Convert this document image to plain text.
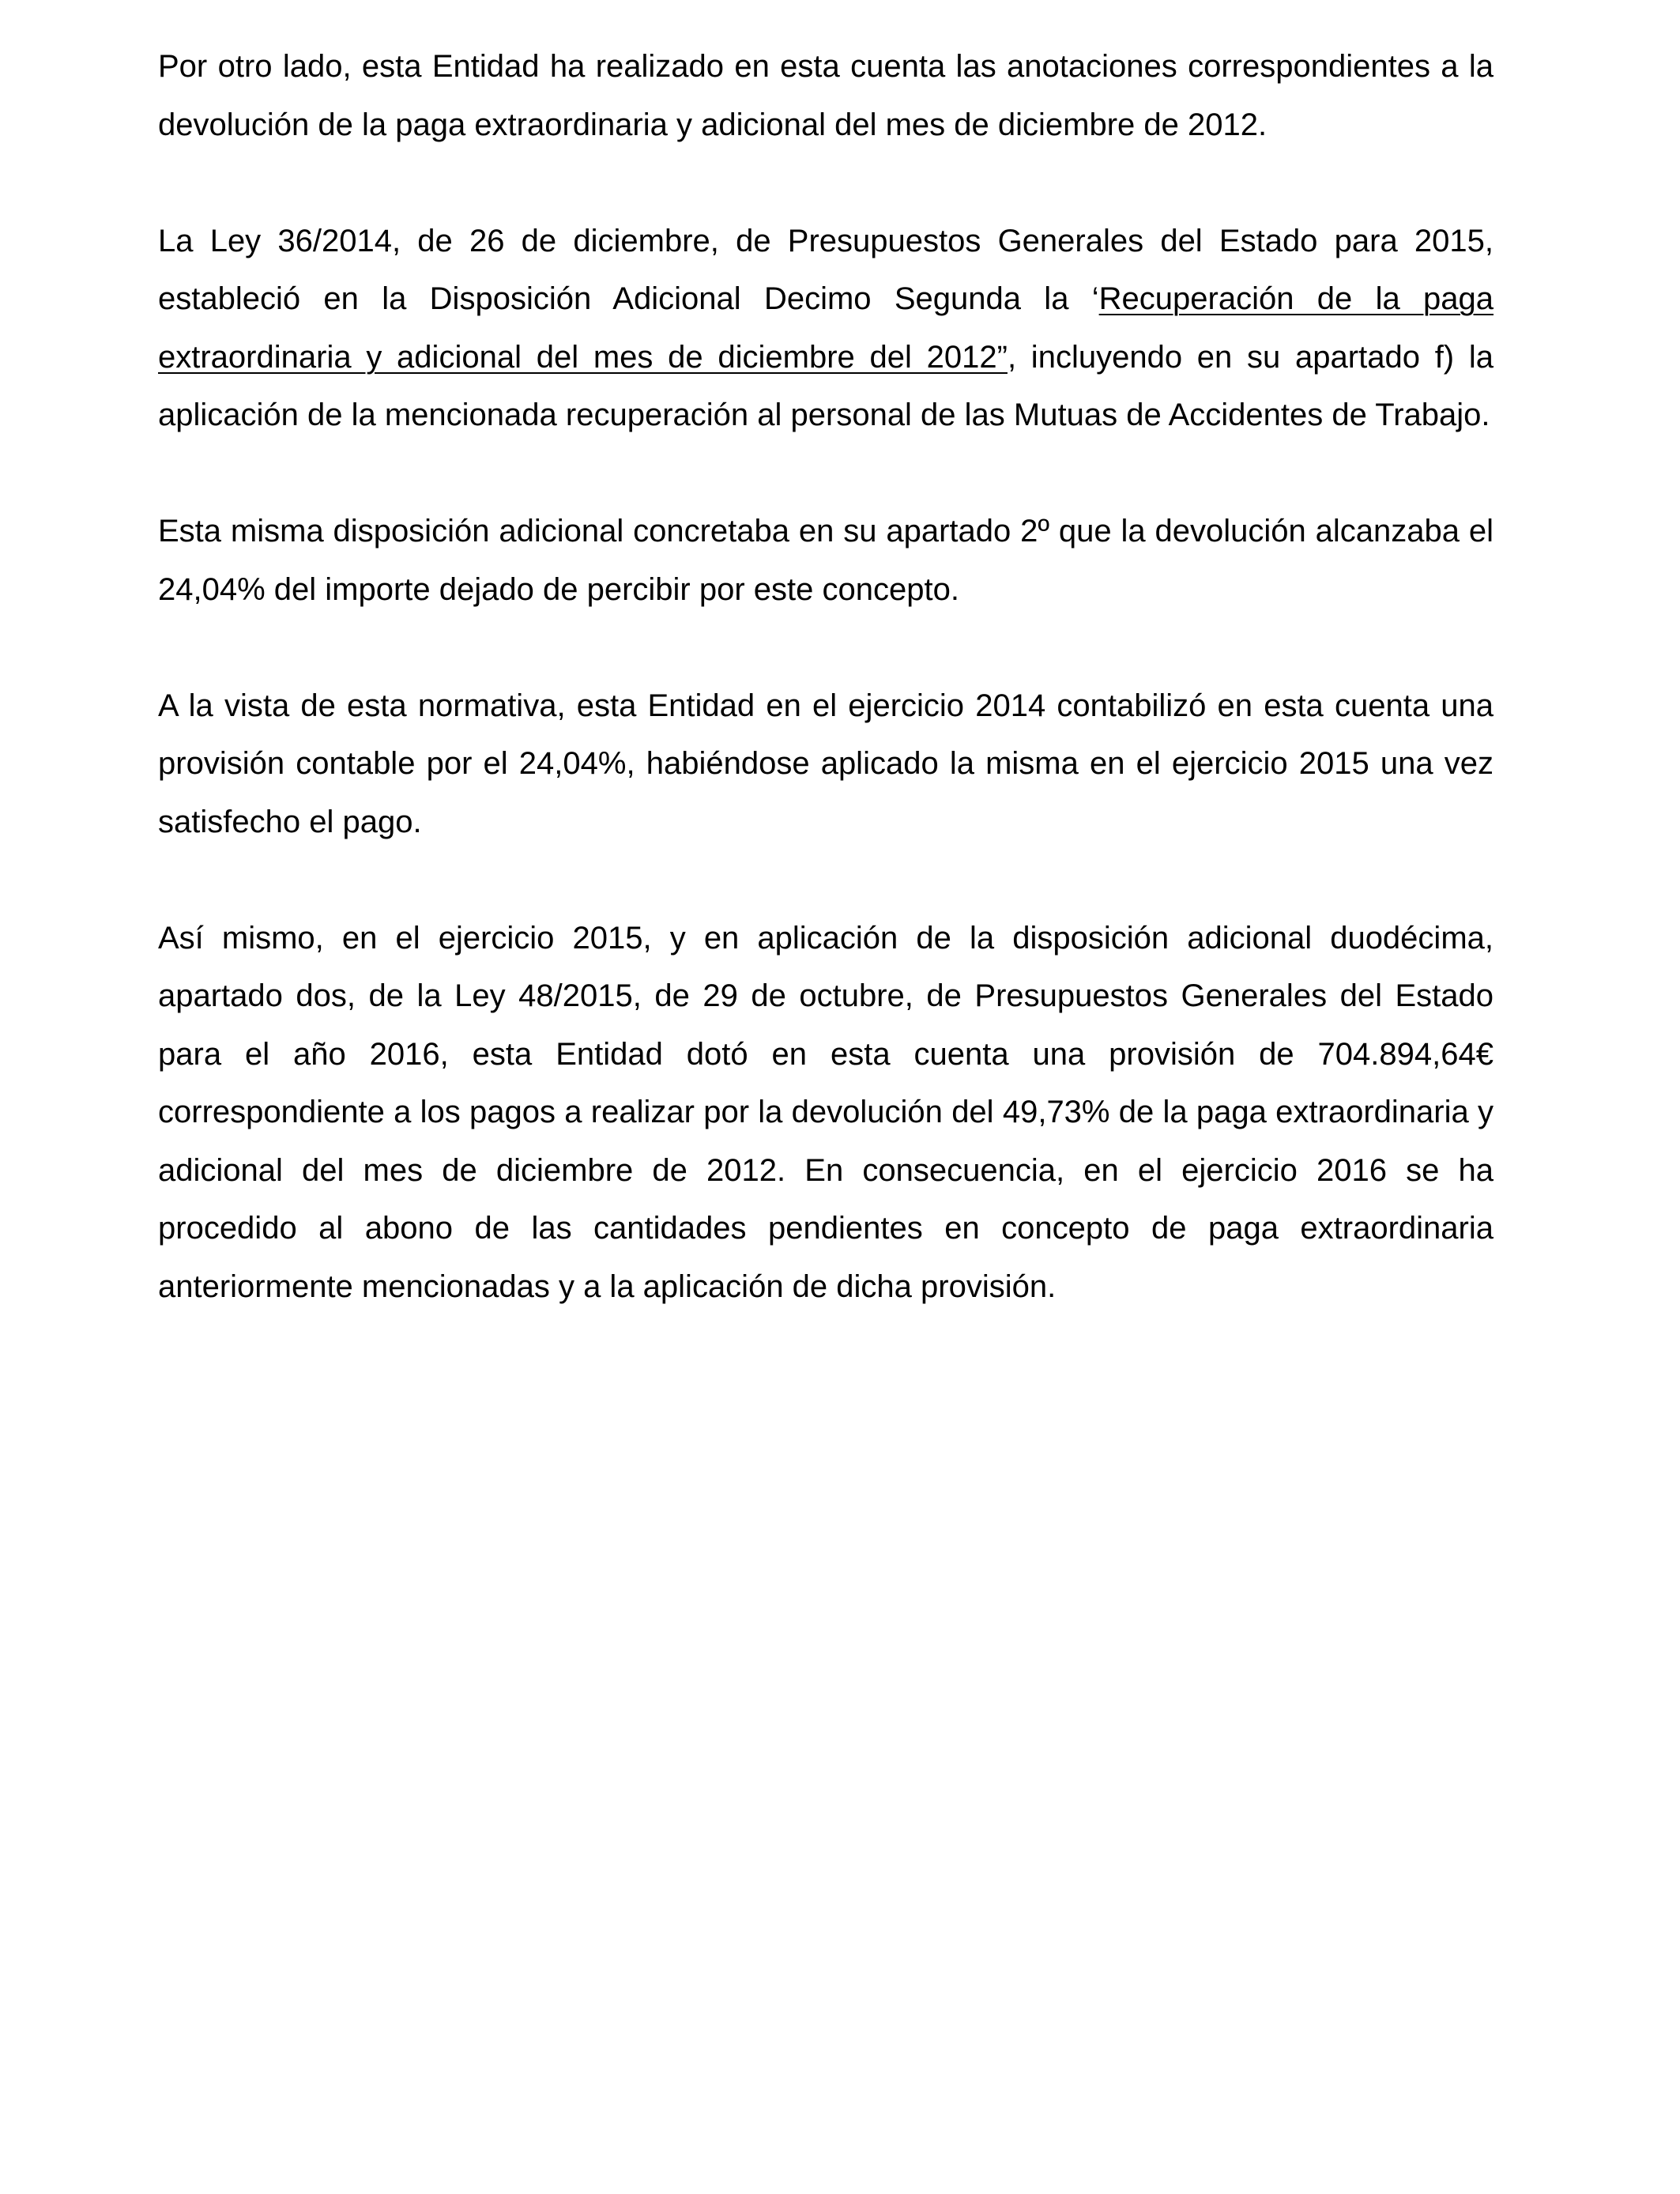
Por otro lado, esta Entidad ha realizado en esta cuenta las anotaciones correspondientes a la devolución de la paga extraordinaria y adicional del mes de diciembre de 2012.

La Ley 36/2014, de 26 de diciembre, de Presupuestos Generales del Estado para 2015, estableció en la Disposición Adicional Decimo Segunda la ‘Recuperación de la paga extraordinaria y adicional del mes de diciembre del 2012”, incluyendo en su apartado f) la aplicación de la mencionada recuperación al personal de las Mutuas de Accidentes de Trabajo.

Esta misma disposición adicional concretaba en su apartado 2º que la devolución alcanzaba el 24,04% del importe dejado de percibir por este concepto.

A la vista de esta normativa, esta Entidad en el ejercicio 2014 contabilizó en esta cuenta una provisión contable por el 24,04%, habiéndose aplicado la misma en el ejercicio 2015 una vez satisfecho el pago.

Así mismo, en el ejercicio 2015, y en aplicación de la disposición adicional duodécima, apartado dos, de la Ley 48/2015, de 29 de octubre, de Presupuestos Generales del Estado para el año 2016, esta Entidad dotó en esta cuenta una provisión de 704.894,64€ correspondiente a los pagos a realizar por la devolución del 49,73% de la paga extraordinaria y adicional del mes de diciembre de 2012. En consecuencia, en el ejercicio 2016 se ha procedido al abono de las cantidades pendientes en concepto de paga extraordinaria anteriormente mencionadas y a la aplicación de dicha provisión.
